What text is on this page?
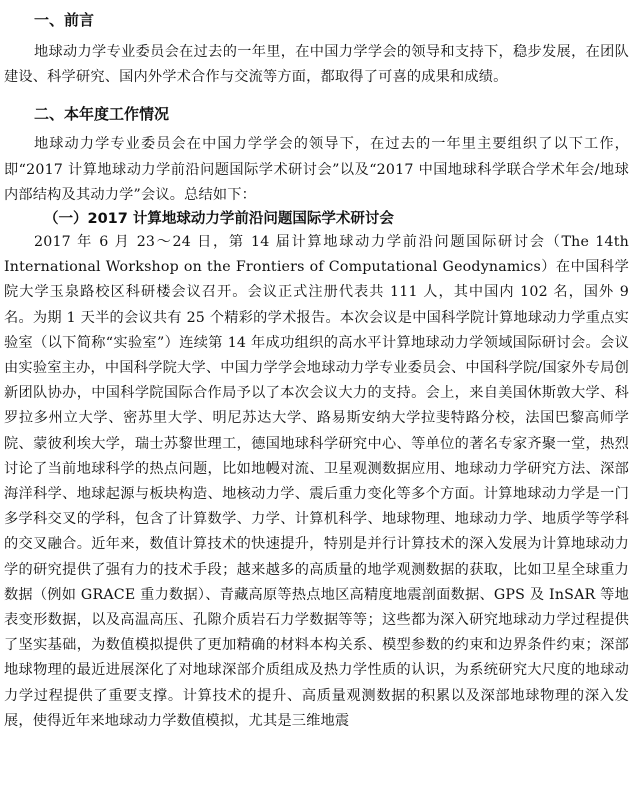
一、前言

地球动力学专业委员会在过去的一年里，在中国力学学会的领导和支持下，稳步发展，在团队建设、科学研究、国内外学术合作与交流等方面，都取得了可喜的成果和成绩。

二、本年度工作情况

地球动力学专业委员会在中国力学学会的领导下，在过去的一年里主要组织了以下工作，即“2017 计算地球动力学前沿问题国际学术研讨会”以及“2017 中国地球科学联合学术年会/地球内部结构及其动力学”会议。总结如下：

（一）2017 计算地球动力学前沿问题国际学术研讨会

2017 年 6 月 23～24 日，第 14 届计算地球动力学前沿问题国际研讨会（The 14th International Workshop on the Frontiers of Computational Geodynamics）在中国科学院大学玉泉路校区科研楼会议召开。会议正式注册代表共 111 人，其中国内 102 名，国外 9 名。为期 1 天半的会议共有 25 个精彩的学术报告。本次会议是中国科学院计算地球动力学重点实验室（以下简称“实验室”）连续第 14 年成功组织的高水平计算地球动力学领域国际研讨会。会议由实验室主办，中国科学院大学、中国力学学会地球动力学专业委员会、中国科学院/国家外专局创新团队协办，中国科学院国际合作局予以了本次会议大力的支持。会上，来自美国休斯敦大学、科罗拉多州立大学、密苏里大学、明尼苏达大学、路易斯安纳大学拉斐特路分校，法国巴黎高师学院、蒙彼利埃大学，瑞士苏黎世理工，德国地球科学研究中心、等单位的著名专家齐聚一堂，热烈讨论了当前地球科学的热点问题，比如地幔对流、卫星观测数据应用、地球动力学研究方法、深部海洋科学、地球起源与板块构造、地核动力学、震后重力变化等多个方面。计算地球动力学是一门多学科交叉的学科，包含了计算数学、力学、计算机科学、地球物理、地球动力学、地质学等学科的交叉融合。近年来，数值计算技术的快速提升，特别是并行计算技术的深入发展为计算地球动力学的研究提供了强有力的技术手段；越来越多的高质量的地学观测数据的获取，比如卫星全球重力数据（例如 GRACE 重力数据）、青藏高原等热点地区高精度地震剖面数据、GPS 及 InSAR 等地表变形数据，以及高温高压、孔隙介质岩石力学数据等等；这些都为深入研究地球动力学过程提供了坚实基础，为数值模拟提供了更加精确的材料本构关系、模型参数的约束和边界条件约束；深部地球物理的最近进展深化了对地球深部介质组成及热力学性质的认识，为系统研究大尺度的地球动力学过程提供了重要支撑。计算技术的提升、高质量观测数据的积累以及深部地球物理的深入发展，使得近年来地球动力学数值模拟，尤其是三维地震
